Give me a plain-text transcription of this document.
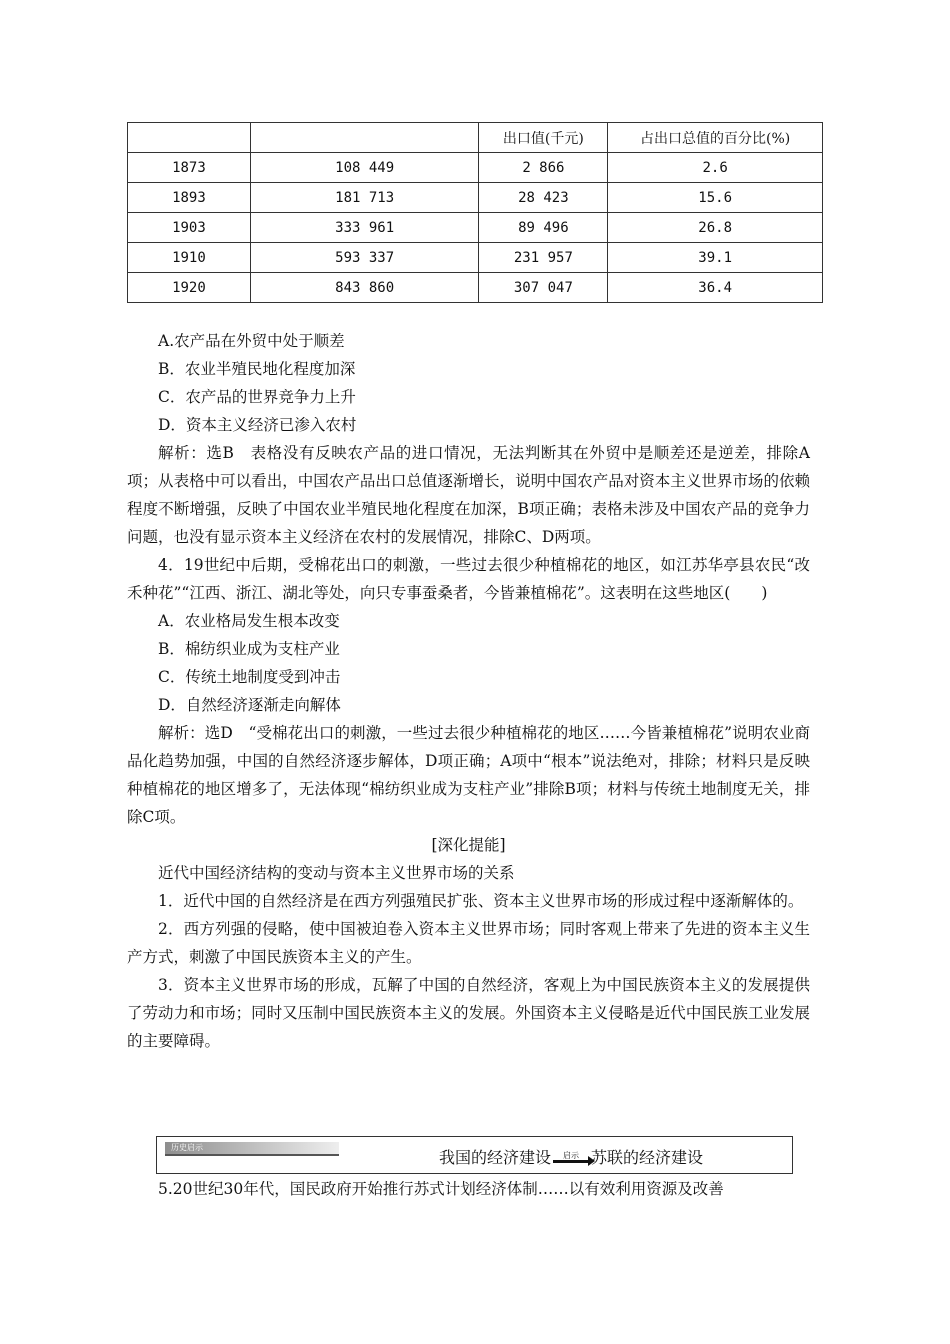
		出口值(千元)	占出口总值的百分比(%)
1873	108 449	2 866	2.6
1893	181 713	28 423	15.6
1903	333 961	89 496	26.8
1910	593 337	231 957	39.1
1920	843 860	307 047	36.4
A.农产品在外贸中处于顺差
B．农业半殖民地化程度加深
C．农产品的世界竞争力上升
D．资本主义经济已渗入农村

解析：选B　表格没有反映农产品的进口情况，无法判断其在外贸中是顺差还是逆差，排除A项；从表格中可以看出，中国农产品出口总值逐渐增长，说明中国农产品对资本主义世界市场的依赖程度不断增强，反映了中国农业半殖民地化程度在加深，B项正确；表格未涉及中国农产品的竞争力问题，也没有显示资本主义经济在农村的发展情况，排除C、D两项。

4．19世纪中后期，受棉花出口的刺激，一些过去很少种植棉花的地区，如江苏华亭县农民“改禾种花”“江西、浙江、湖北等处，向只专事蚕桑者，今皆兼植棉花”。这表明在这些地区(　　)

A．农业格局发生根本改变
B．棉纺织业成为支柱产业
C．传统土地制度受到冲击
D．自然经济逐渐走向解体

解析：选D　“受棉花出口的刺激，一些过去很少种植棉花的地区……今皆兼植棉花”说明农业商品化趋势加强，中国的自然经济逐步解体，D项正确；A项中“根本”说法绝对，排除；材料只是反映种植棉花的地区增多了，无法体现“棉纺织业成为支柱产业”排除B项；材料与传统土地制度无关，排除C项。

[深化提能]
近代中国经济结构的变动与资本主义世界市场的关系

1．近代中国的自然经济是在西方列强殖民扩张、资本主义世界市场的形成过程中逐渐解体的。

2．西方列强的侵略，使中国被迫卷入资本主义世界市场；同时客观上带来了先进的资本主义生产方式，刺激了中国民族资本主义的产生。

3．资本主义世界市场的形成，瓦解了中国的自然经济，客观上为中国民族资本主义的发展提供了劳动力和市场；同时又压制中国民族资本主义的发展。外国资本主义侵略是近代中国民族工业发展的主要障碍。

历史启示
我国的经济建设 启示 苏联的经济建设

5.20世纪30年代，国民政府开始推行苏式计划经济体制……以有效利用资源及改善
